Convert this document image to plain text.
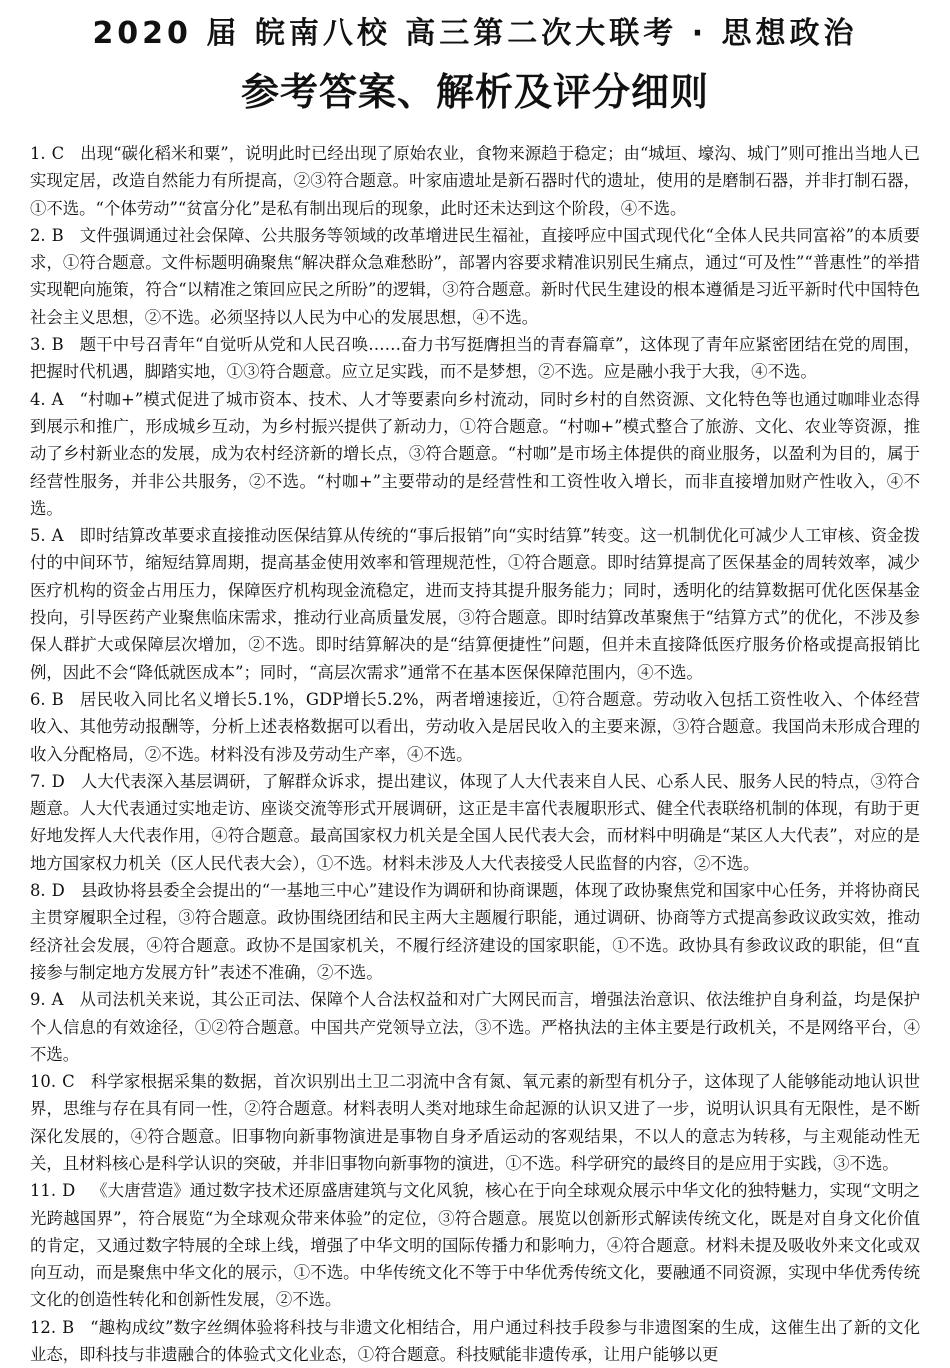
2020 届 皖南八校 高三第二次大联考 · 思想政治
参考答案、解析及评分细则

1. C 出现“碳化稻米和粟”，说明此时已经出现了原始农业，食物来源趋于稳定；由“城垣、壕沟、城门”则可推出当地人已实现定居，改造自然能力有所提高，②③符合题意。叶家庙遗址是新石器时代的遗址，使用的是磨制石器，并非打制石器，①不选。“个体劳动”“贫富分化”是私有制出现后的现象，此时还未达到这个阶段，④不选。

2. B 文件强调通过社会保障、公共服务等领域的改革增进民生福祉，直接呼应中国式现代化“全体人民共同富裕”的本质要求，①符合题意。文件标题明确聚焦“解决群众急难愁盼”，部署内容要求精准识别民生痛点，通过“可及性”“普惠性”的举措实现靶向施策，符合“以精准之策回应民之所盼”的逻辑，③符合题意。新时代民生建设的根本遵循是习近平新时代中国特色社会主义思想，②不选。必须坚持以人民为中心的发展思想，④不选。

3. B 题干中号召青年“自觉听从党和人民召唤……奋力书写挺膺担当的青春篇章”，这体现了青年应紧密团结在党的周围，把握时代机遇，脚踏实地，①③符合题意。应立足实践，而不是梦想，②不选。应是融小我于大我，④不选。

4. A “村咖+”模式促进了城市资本、技术、人才等要素向乡村流动，同时乡村的自然资源、文化特色等也通过咖啡业态得到展示和推广，形成城乡互动，为乡村振兴提供了新动力，①符合题意。“村咖+”模式整合了旅游、文化、农业等资源，推动了乡村新业态的发展，成为农村经济新的增长点，③符合题意。“村咖”是市场主体提供的商业服务，以盈利为目的，属于经营性服务，并非公共服务，②不选。“村咖+”主要带动的是经营性和工资性收入增长，而非直接增加财产性收入，④不选。

5. A 即时结算改革要求直接推动医保结算从传统的“事后报销”向“实时结算”转变。这一机制优化可减少人工审核、资金拨付的中间环节，缩短结算周期，提高基金使用效率和管理规范性，①符合题意。即时结算提高了医保基金的周转效率，减少医疗机构的资金占用压力，保障医疗机构现金流稳定，进而支持其提升服务能力；同时，透明化的结算数据可优化医保基金投向，引导医药产业聚焦临床需求，推动行业高质量发展，③符合题意。即时结算改革聚焦于“结算方式”的优化，不涉及参保人群扩大或保障层次增加，②不选。即时结算解决的是“结算便捷性”问题，但并未直接降低医疗服务价格或提高报销比例，因此不会“降低就医成本”；同时，“高层次需求”通常不在基本医保保障范围内，④不选。

6. B 居民收入同比名义增长5.1%，GDP增长5.2%，两者增速接近，①符合题意。劳动收入包括工资性收入、个体经营收入、其他劳动报酬等，分析上述表格数据可以看出，劳动收入是居民收入的主要来源，③符合题意。我国尚未形成合理的收入分配格局，②不选。材料没有涉及劳动生产率，④不选。

7. D 人大代表深入基层调研，了解群众诉求，提出建议，体现了人大代表来自人民、心系人民、服务人民的特点，③符合题意。人大代表通过实地走访、座谈交流等形式开展调研，这正是丰富代表履职形式、健全代表联络机制的体现，有助于更好地发挥人大代表作用，④符合题意。最高国家权力机关是全国人民代表大会，而材料中明确是“某区人大代表”，对应的是地方国家权力机关（区人民代表大会），①不选。材料未涉及人大代表接受人民监督的内容，②不选。

8. D 县政协将县委全会提出的“一基地三中心”建设作为调研和协商课题，体现了政协聚焦党和国家中心任务，并将协商民主贯穿履职全过程，③符合题意。政协围绕团结和民主两大主题履行职能，通过调研、协商等方式提高参政议政实效，推动经济社会发展，④符合题意。政协不是国家机关，不履行经济建设的国家职能，①不选。政协具有参政议政的职能，但“直接参与制定地方发展方针”表述不准确，②不选。

9. A 从司法机关来说，其公正司法、保障个人合法权益和对广大网民而言，增强法治意识、依法维护自身利益，均是保护个人信息的有效途径，①②符合题意。中国共产党领导立法，③不选。严格执法的主体主要是行政机关，不是网络平台，④不选。

10. C 科学家根据采集的数据，首次识别出土卫二羽流中含有氮、氧元素的新型有机分子，这体现了人能够能动地认识世界，思维与存在具有同一性，②符合题意。材料表明人类对地球生命起源的认识又进了一步，说明认识具有无限性，是不断深化发展的，④符合题意。旧事物向新事物演进是事物自身矛盾运动的客观结果，不以人的意志为转移，与主观能动性无关，且材料核心是科学认识的突破，并非旧事物向新事物的演进，①不选。科学研究的最终目的是应用于实践，③不选。

11. D 《大唐营造》通过数字技术还原盛唐建筑与文化风貌，核心在于向全球观众展示中华文化的独特魅力，实现“文明之光跨越国界”，符合展览“为全球观众带来体验”的定位，③符合题意。展览以创新形式解读传统文化，既是对自身文化价值的肯定，又通过数字特展的全球上线，增强了中华文明的国际传播力和影响力，④符合题意。材料未提及吸收外来文化或双向互动，而是聚焦中华文化的展示，①不选。中华传统文化不等于中华优秀传统文化，要融通不同资源，实现中华优秀传统文化的创造性转化和创新性发展，②不选。

12. B “趣构成纹”数字丝绸体验将科技与非遗文化相结合，用户通过科技手段参与非遗图案的生成，这催生出了新的文化业态，即科技与非遗融合的体验式文化业态，①符合题意。科技赋能非遗传承，让用户能够以更
